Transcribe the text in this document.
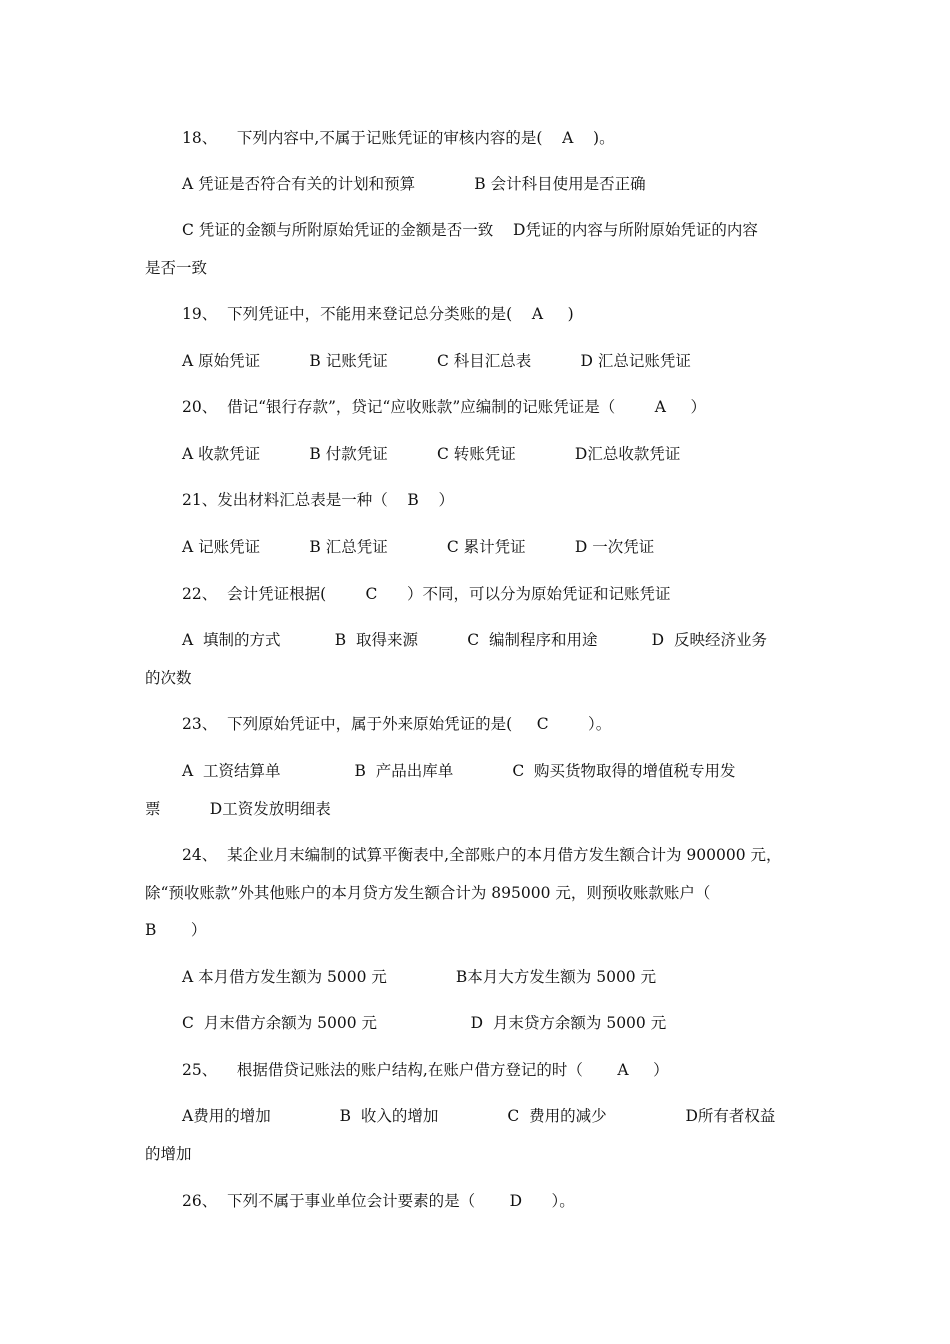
18、    下列内容中,不属于记账凭证的审核内容的是(    A    )。
A 凭证是否符合有关的计划和预算            B 会计科目使用是否正确
C 凭证的金额与所附原始凭证的金额是否一致    D凭证的内容与所附原始凭证的内容
是否一致
19、  下列凭证中，不能用来登记总分类账的是(    A     )
A 原始凭证          B 记账凭证          C 科目汇总表          D 汇总记账凭证
20、  借记“银行存款”，贷记“应收账款”应编制的记账凭证是（        A     ）
A 收款凭证          B 付款凭证          C 转账凭证            D汇总收款凭证
21、发出材料汇总表是一种（    B    ）
A 记账凭证          B 汇总凭证            C 累计凭证          D 一次凭证
22、  会计凭证根据(        C      ）不同，可以分为原始凭证和记账凭证
A  填制的方式           B  取得来源          C  编制程序和用途           D  反映经济业务
的次数
23、  下列原始凭证中，属于外来原始凭证的是(     C        ）。
A  工资结算单               B  产品出库单            C  购买货物取得的增值税专用发
票          D工资发放明细表
24、  某企业月末编制的试算平衡表中,全部账户的本月借方发生额合计为 900000 元，
除“预收账款”外其他账户的本月贷方发生额合计为 895000 元，则预收账款账户（
B       ）
A 本月借方发生额为 5000 元              B本月大方发生额为 5000 元
C  月末借方余额为 5000 元                   D  月末贷方余额为 5000 元
25、    根据借贷记账法的账户结构,在账户借方登记的时（       A     ）
A费用的增加              B  收入的增加              C  费用的减少                D所有者权益
的增加
26、  下列不属于事业单位会计要素的是（       D      ）。
